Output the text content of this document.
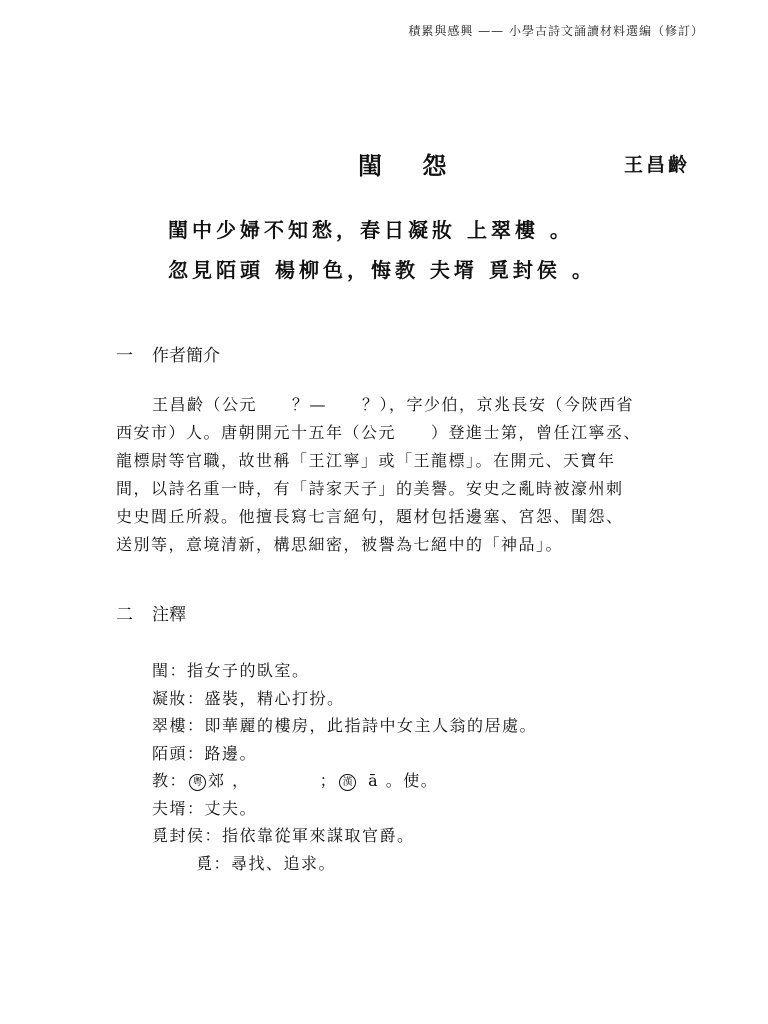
積累與感興 —— 小學古詩文誦讀材料選編（修訂）
閨 怨	王昌齡
閨中少婦不知愁，春日凝妝 上翠樓 。
忽見陌頭 楊柳色，悔教 夫壻 覓封侯 。
一 作者簡介
王昌齡（公元　　？—　　？），字少伯，京兆長安（今陝西省
西安市）人。唐朝開元十五年（公元　　）登進士第，曾任江寧丞、
龍標尉等官職，故世稱「王江寧」或「王龍標」。在開元、天寶年
間，以詩名重一時，有「詩家天子」的美譽。安史之亂時被濠州刺
史史閭丘所殺。他擅長寫七言絕句，題材包括邊塞、宮怨、閨怨、
送別等，意境清新，構思細密，被譽為七絕中的「神品」。
二 注釋
閨：指女子的臥室。
凝妝：盛裝，精心打扮。
翠樓：即華麗的樓房，此指詩中女主人翁的居處。
陌頭：路邊。
教： 粵 郊 ，	； 漢 ā 。使。
夫壻：丈夫。
覓封侯：指依靠從軍來謀取官爵。
覓：尋找、追求。
